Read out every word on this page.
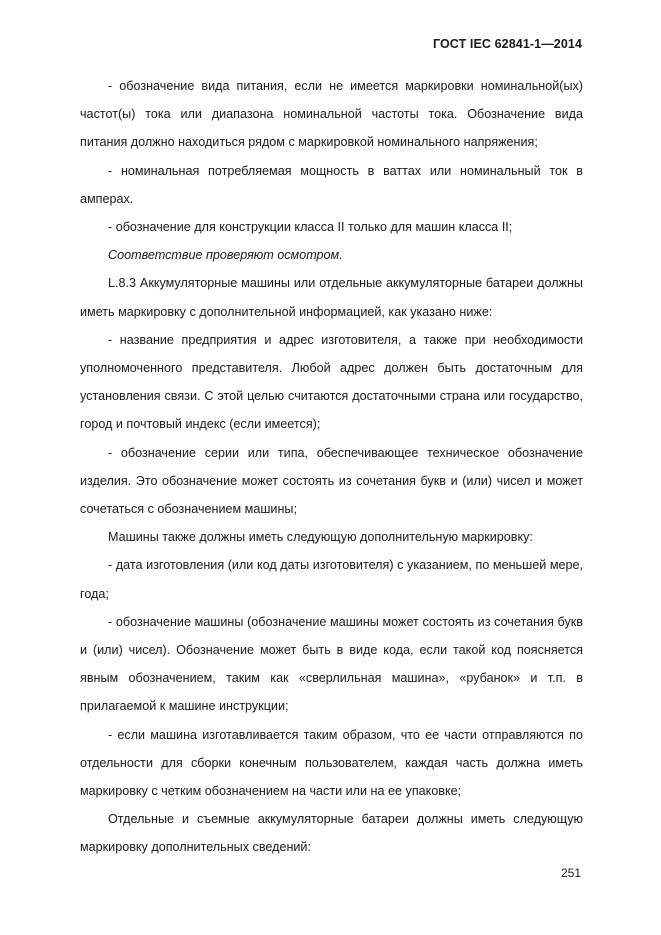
ГОСТ IEC 62841-1—2014

- обозначение вида питания, если не имеется маркировки номинальной(ых) частот(ы) тока или диапазона номинальной частоты тока. Обозначение вида питания должно находиться рядом с маркировкой номинального напряжения;

- номинальная потребляемая мощность в ваттах или номинальный ток в амперах.

- обозначение для конструкции класса II только для машин класса II;

Соответствие проверяют осмотром.

L.8.3 Аккумуляторные машины или отдельные аккумуляторные батареи должны иметь маркировку с дополнительной информацией, как указано ниже:

- название предприятия и адрес изготовителя, а также при необходимости уполномоченного представителя. Любой адрес должен быть достаточным для установления связи. С этой целью считаются достаточными страна или государство, город и почтовый индекс (если имеется);

- обозначение серии или типа, обеспечивающее техническое обозначение изделия. Это обозначение может состоять из сочетания букв и (или) чисел и может сочетаться с обозначением машины;

Машины также должны иметь следующую дополнительную маркировку:

- дата изготовления (или код даты изготовителя) с указанием, по меньшей мере, года;

- обозначение машины (обозначение машины может состоять из сочетания букв и (или) чисел). Обозначение может быть в виде кода, если такой код поясняется явным обозначением, таким как «сверлильная машина», «рубанок» и т.п. в прилагаемой к машине инструкции;

- если машина изготавливается таким образом, что ее части отправляются по отдельности для сборки конечным пользователем, каждая часть должна иметь маркировку с четким обозначением на части или на ее упаковке;

Отдельные и съемные аккумуляторные батареи должны иметь следующую маркировку дополнительных сведений:

251
